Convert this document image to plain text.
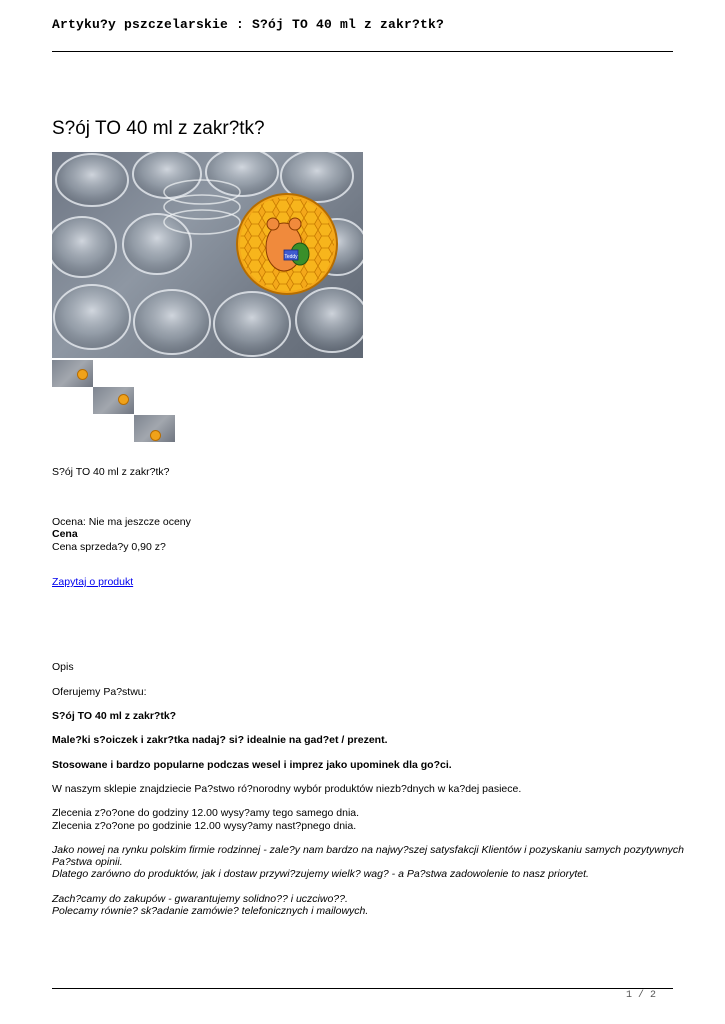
Artyku?y pszczelarskie : S?ój TO 40 ml z zakr?tk?
S?ój TO 40 ml z zakr?tk?
Teddy
S?ój TO 40 ml z zakr?tk?
Ocena: Nie ma jeszcze oceny
Cena
Cena sprzeda?y 0,90 z?
Zapytaj o produkt
Opis
Oferujemy Pa?stwu:
S?ój TO 40 ml z zakr?tk?
Male?ki s?oiczek i zakr?tka nadaj? si? idealnie na gad?et / prezent.
Stosowane i bardzo popularne podczas wesel i imprez jako upominek dla go?ci.
W naszym sklepie znajdziecie Pa?stwo ró?norodny wybór produktów niezb?dnych w ka?dej pasiece.
Zlecenia z?o?one do godziny 12.00 wysy?amy tego samego dnia.
Zlecenia z?o?one po godzinie 12.00 wysy?amy nast?pnego dnia.
Jako nowej na rynku polskim firmie rodzinnej - zale?y nam bardzo na najwy?szej satysfakcji Klientów i pozyskaniu samych pozytywnych
Pa?stwa opinii.
Dlatego zarówno do produktów, jak i dostaw przywi?zujemy wielk? wag? - a Pa?stwa zadowolenie to nasz priorytet.
Zach?camy do zakupów - gwarantujemy solidno?? i uczciwo??.
Polecamy równie? sk?adanie zamówie? telefonicznych i mailowych.
1 / 2
